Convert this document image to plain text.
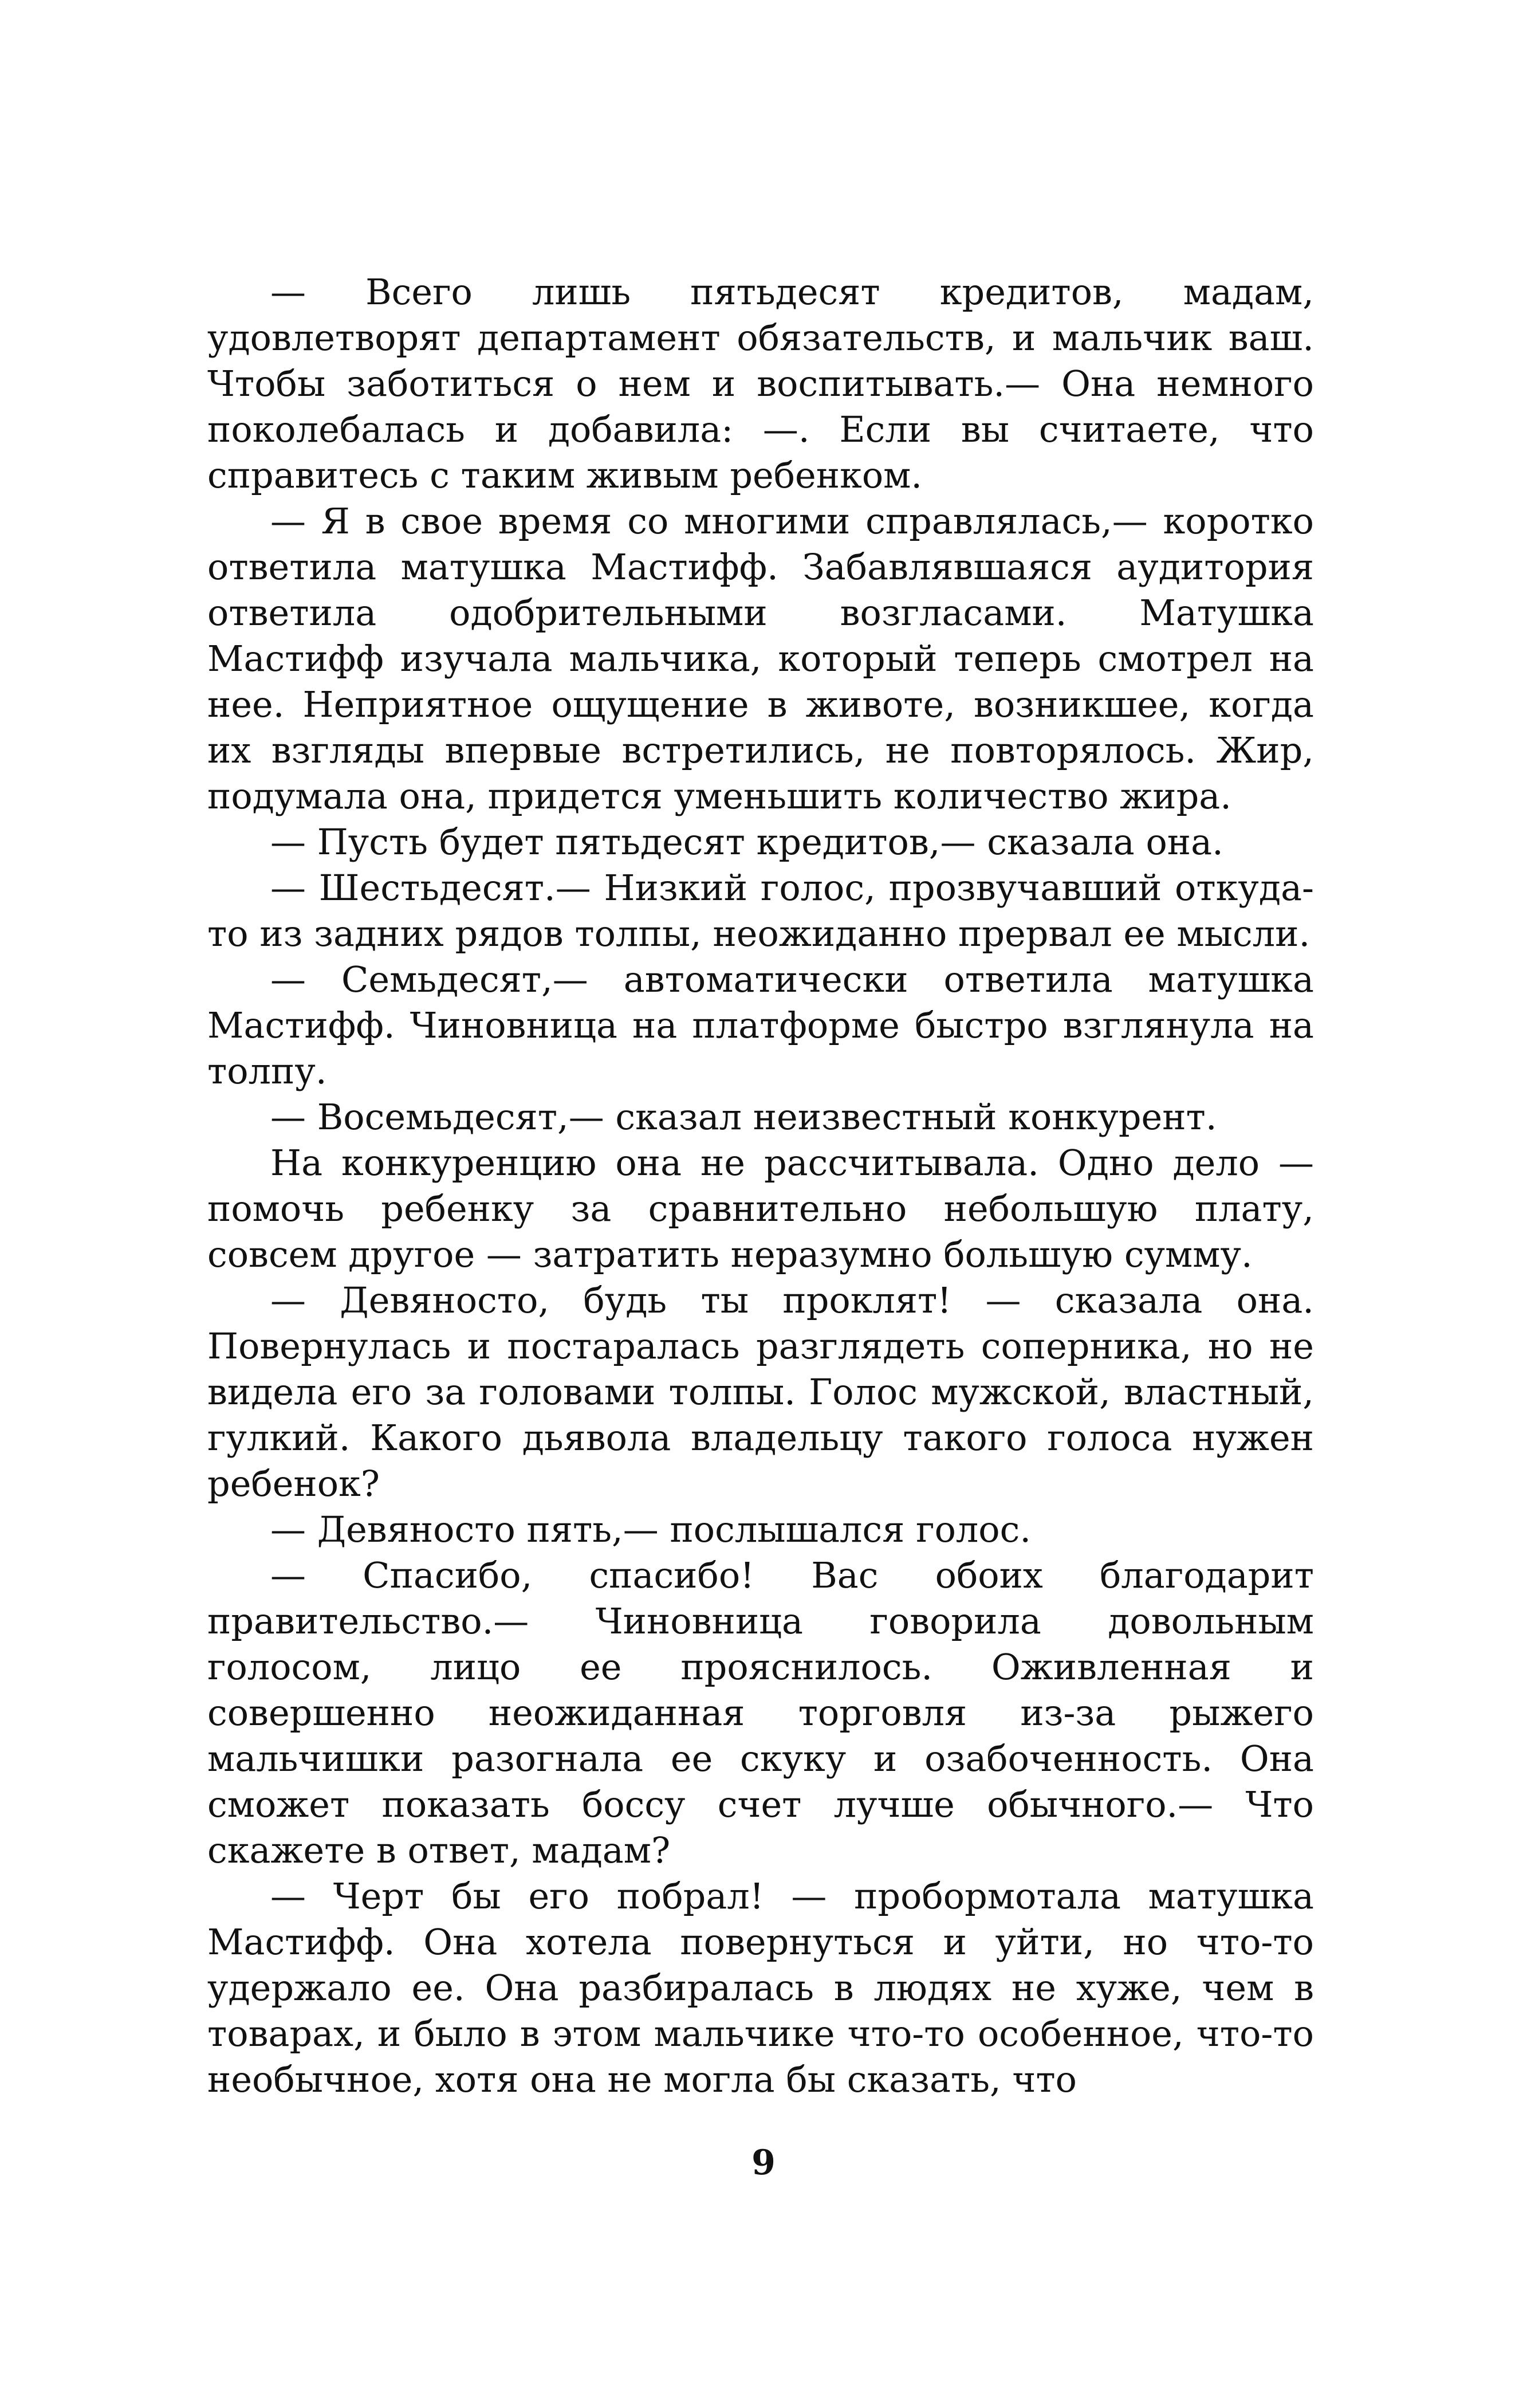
— Всего лишь пятьдесят кредитов, мадам, удовлетворят департамент обязательств, и мальчик ваш. Чтобы заботиться о нем и воспитывать.— Она немного поколебалась и добавила: —. Если вы считаете, что справитесь с таким живым ребенком.

— Я в свое время со многими справлялась,— коротко ответила матушка Мастифф. Забавлявшаяся аудитория ответила одобрительными возгласами. Матушка Мастифф изучала мальчика, который теперь смотрел на нее. Неприятное ощущение в животе, возникшее, когда их взгляды впервые встретились, не повторялось. Жир, подумала она, придется уменьшить количество жира.

— Пусть будет пятьдесят кредитов,— сказала она.

— Шестьдесят.— Низкий голос, прозвучавший откуда-то из задних рядов толпы, неожиданно прервал ее мысли.

— Семьдесят,— автоматически ответила матушка Мастифф. Чиновница на платформе быстро взглянула на толпу.

— Восемьдесят,— сказал неизвестный конкурент.

На конкуренцию она не рассчитывала. Одно дело — помочь ребенку за сравнительно небольшую плату, совсем другое — затратить неразумно большую сумму.

— Девяносто, будь ты проклят! — сказала она. Повернулась и постаралась разглядеть соперника, но не видела его за головами толпы. Голос мужской, властный, гулкий. Какого дьявола владельцу такого голоса нужен ребенок?

— Девяносто пять,— послышался голос.

— Спасибо, спасибо! Вас обоих благодарит правительство.— Чиновница говорила довольным голосом, лицо ее прояснилось. Оживленная и совершенно неожиданная торговля из-за рыжего мальчишки разогнала ее скуку и озабоченность. Она сможет показать боссу счет лучше обычного.— Что скажете в ответ, мадам?

— Черт бы его побрал! — пробормотала матушка Мастифф. Она хотела повернуться и уйти, но что-то удержало ее. Она разбиралась в людях не хуже, чем в товарах, и было в этом мальчике что-то особенное, что-то необычное, хотя она не могла бы сказать, что

9
